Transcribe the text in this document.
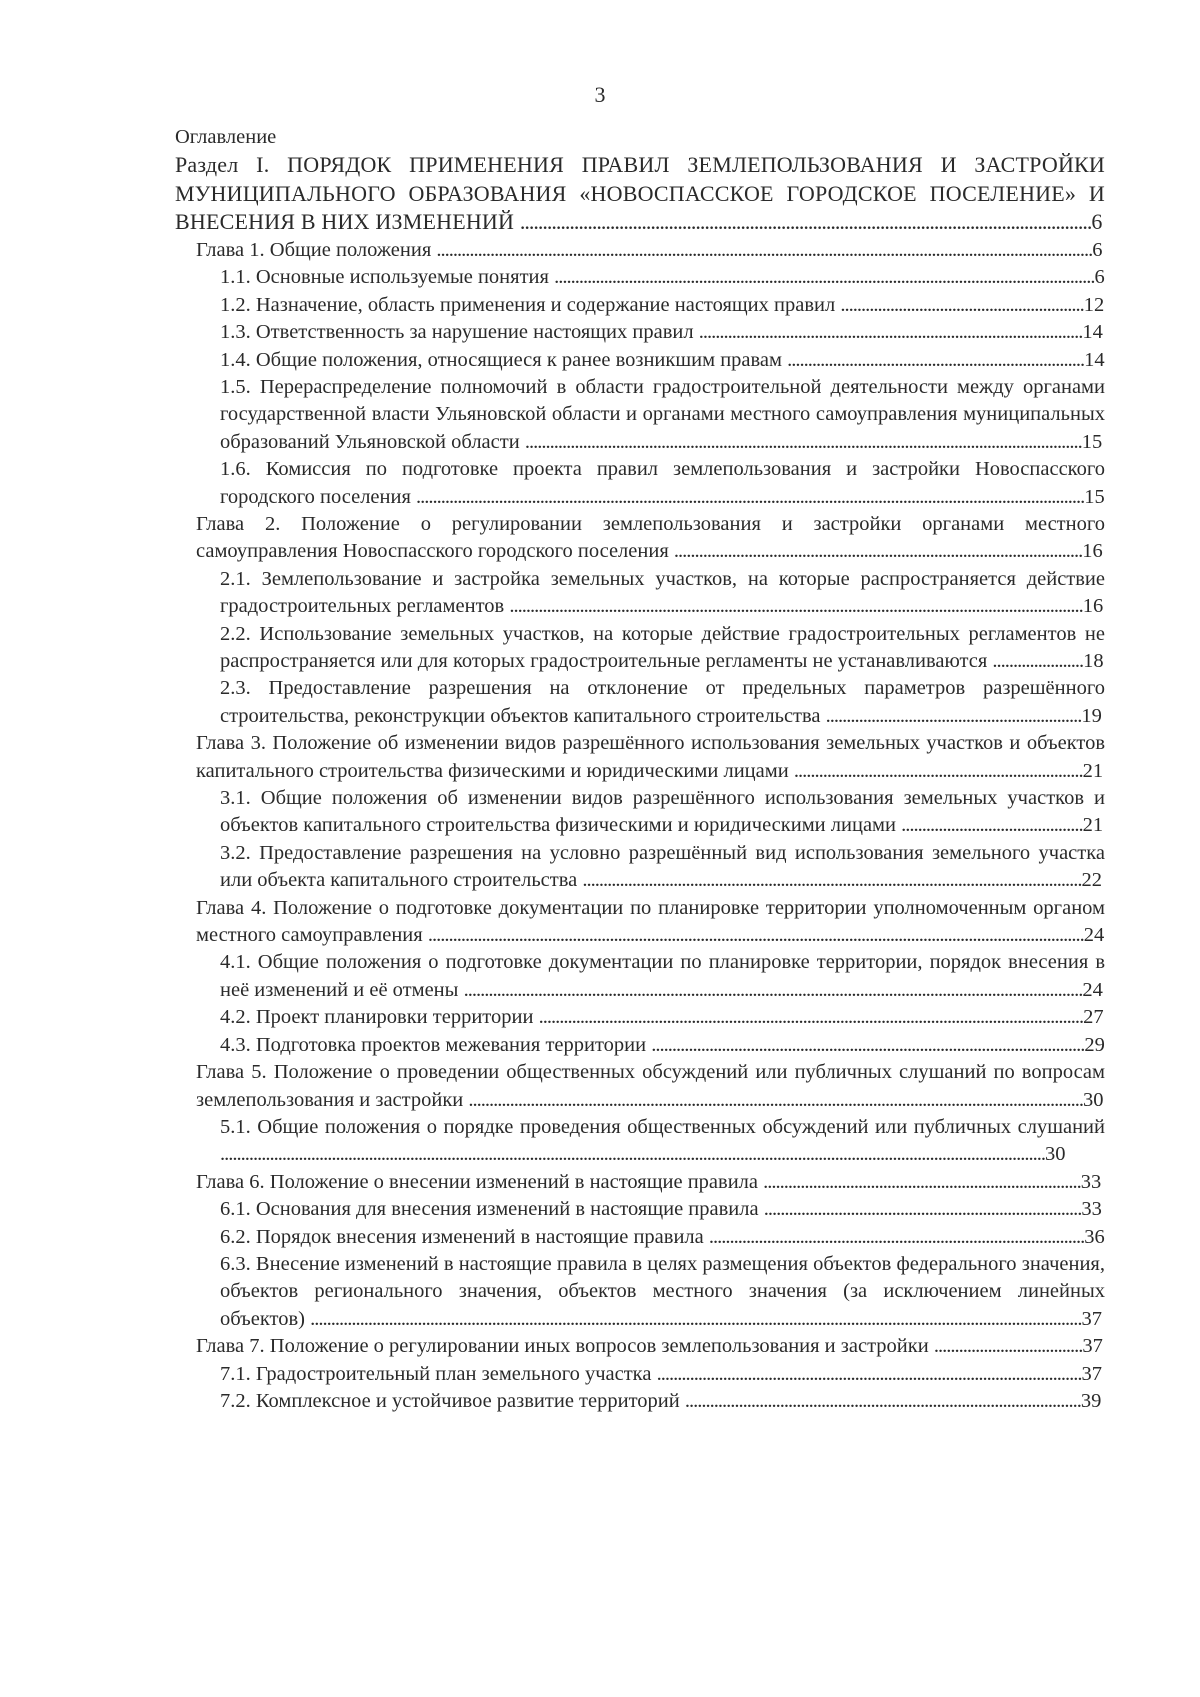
3
Оглавление
Раздел I. ПОРЯДОК ПРИМЕНЕНИЯ ПРАВИЛ ЗЕМЛЕПОЛЬЗОВАНИЯ И ЗАСТРОЙКИ МУНИЦИПАЛЬНОГО ОБРАЗОВАНИЯ «НОВОСПАССКОЕ ГОРОДСКОЕ ПОСЕЛЕНИЕ» И ВНЕСЕНИЯ В НИХ ИЗМЕНЕНИЙ ...............................................................................................................................6
Глава 1. Общие положения ...............................................................................................................................................................6
1.1. Основные используемые понятия ...................................................................................................................................6
1.2. Назначение, область применения и содержание настоящих правил ...........................................................12
1.3. Ответственность за нарушение настоящих правил .............................................................................................14
1.4. Общие положения, относящиеся к ранее возникшим правам ........................................................................14
1.5. Перераспределение полномочий в области градостроительной деятельности между органами государственной власти Ульяновской области и органами местного самоуправления муниципальных образований Ульяновской области .......................................................................................................................................15
1.6. Комиссия по подготовке проекта правил землепользования и застройки Новоспасского городского поселения ..................................................................................................................................................................15
Глава 2. Положение о регулировании землепользования и застройки органами местного самоуправления Новоспасского городского поселения ...................................................................................................16
2.1. Землепользование и застройка земельных участков, на которые распространяется действие градостроительных регламентов ...........................................................................................................................................16
2.2. Использование земельных участков, на которые действие градостроительных регламентов не распространяется или для которых градостроительные регламенты не устанавливаются ......................18
2.3. Предоставление разрешения на отклонение от предельных параметров разрешённого строительства, реконструкции объектов капитального строительства ..............................................................19
Глава 3. Положение об изменении видов разрешённого использования земельных участков и объектов капитального строительства физическими и юридическими лицами ......................................................................21
3.1. Общие положения об изменении видов разрешённого использования земельных участков и объектов капитального строительства физическими и юридическими лицами ............................................21
3.2. Предоставление разрешения на условно разрешённый вид использования земельного участка или объекта капитального строительства .........................................................................................................................22
Глава 4. Положение о подготовке документации по планировке территории уполномоченным органом местного самоуправления ...............................................................................................................................................................24
4.1. Общие положения о подготовке документации по планировке территории, порядок внесения в неё изменений и её отмены ......................................................................................................................................................24
4.2. Проект планировки территории ....................................................................................................................................27
4.3. Подготовка проектов межевания территории .........................................................................................................29
Глава 5. Положение о проведении общественных обсуждений или публичных слушаний по вопросам землепользования и застройки .....................................................................................................................................................30
5.1. Общие положения о порядке проведения общественных обсуждений или публичных слушаний ........................................................................................................................................................................................................30
Глава 6. Положение о внесении изменений в настоящие правила .............................................................................33
6.1. Основания для внесения изменений в настоящие правила .............................................................................33
6.2. Порядок внесения изменений в настоящие правила ...........................................................................................36
6.3. Внесение изменений в настоящие правила в целях размещения объектов федерального значения, объектов регионального значения, объектов местного значения (за исключением линейных объектов) ...........................................................................................................................................................................................37
Глава 7. Положение о регулировании иных вопросов землепользования и застройки ....................................37
7.1. Градостроительный план земельного участка .......................................................................................................37
7.2. Комплексное и устойчивое развитие территорий ................................................................................................39
